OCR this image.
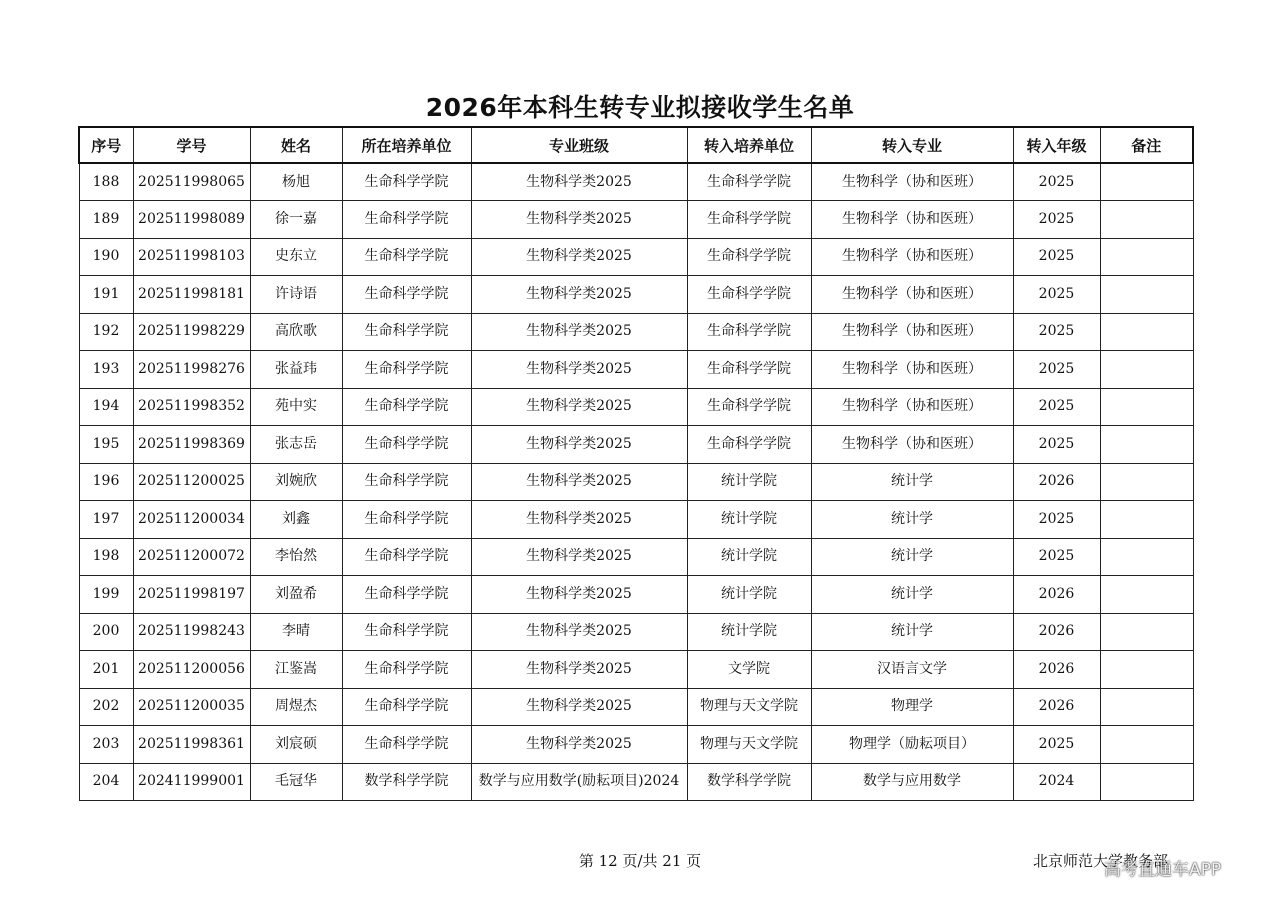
2026年本科生转专业拟接收学生名单
序号	学号	姓名	所在培养单位	专业班级	转入培养单位	转入专业	转入年级	备注
188	202511998065	杨旭	生命科学学院	生物科学类2025	生命科学学院	生物科学（协和医班）	2025	
189	202511998089	徐一嘉	生命科学学院	生物科学类2025	生命科学学院	生物科学（协和医班）	2025	
190	202511998103	史东立	生命科学学院	生物科学类2025	生命科学学院	生物科学（协和医班）	2025	
191	202511998181	许诗语	生命科学学院	生物科学类2025	生命科学学院	生物科学（协和医班）	2025	
192	202511998229	高欣歌	生命科学学院	生物科学类2025	生命科学学院	生物科学（协和医班）	2025	
193	202511998276	张益玮	生命科学学院	生物科学类2025	生命科学学院	生物科学（协和医班）	2025	
194	202511998352	苑中实	生命科学学院	生物科学类2025	生命科学学院	生物科学（协和医班）	2025	
195	202511998369	张志岳	生命科学学院	生物科学类2025	生命科学学院	生物科学（协和医班）	2025	
196	202511200025	刘婉欣	生命科学学院	生物科学类2025	统计学院	统计学	2026	
197	202511200034	刘鑫	生命科学学院	生物科学类2025	统计学院	统计学	2025	
198	202511200072	李怡然	生命科学学院	生物科学类2025	统计学院	统计学	2025	
199	202511998197	刘盈希	生命科学学院	生物科学类2025	统计学院	统计学	2026	
200	202511998243	李晴	生命科学学院	生物科学类2025	统计学院	统计学	2026	
201	202511200056	江鉴嵩	生命科学学院	生物科学类2025	文学院	汉语言文学	2026	
202	202511200035	周煜杰	生命科学学院	生物科学类2025	物理与天文学院	物理学	2026	
203	202511998361	刘宸硕	生命科学学院	生物科学类2025	物理与天文学院	物理学（励耘项目）	2025	
204	202411999001	毛冠华	数学科学学院	数学与应用数学(励耘项目)2024	数学科学学院	数学与应用数学	2024	
第 12 页/共 21 页	北京师范大学教务部
高考直通车APP
